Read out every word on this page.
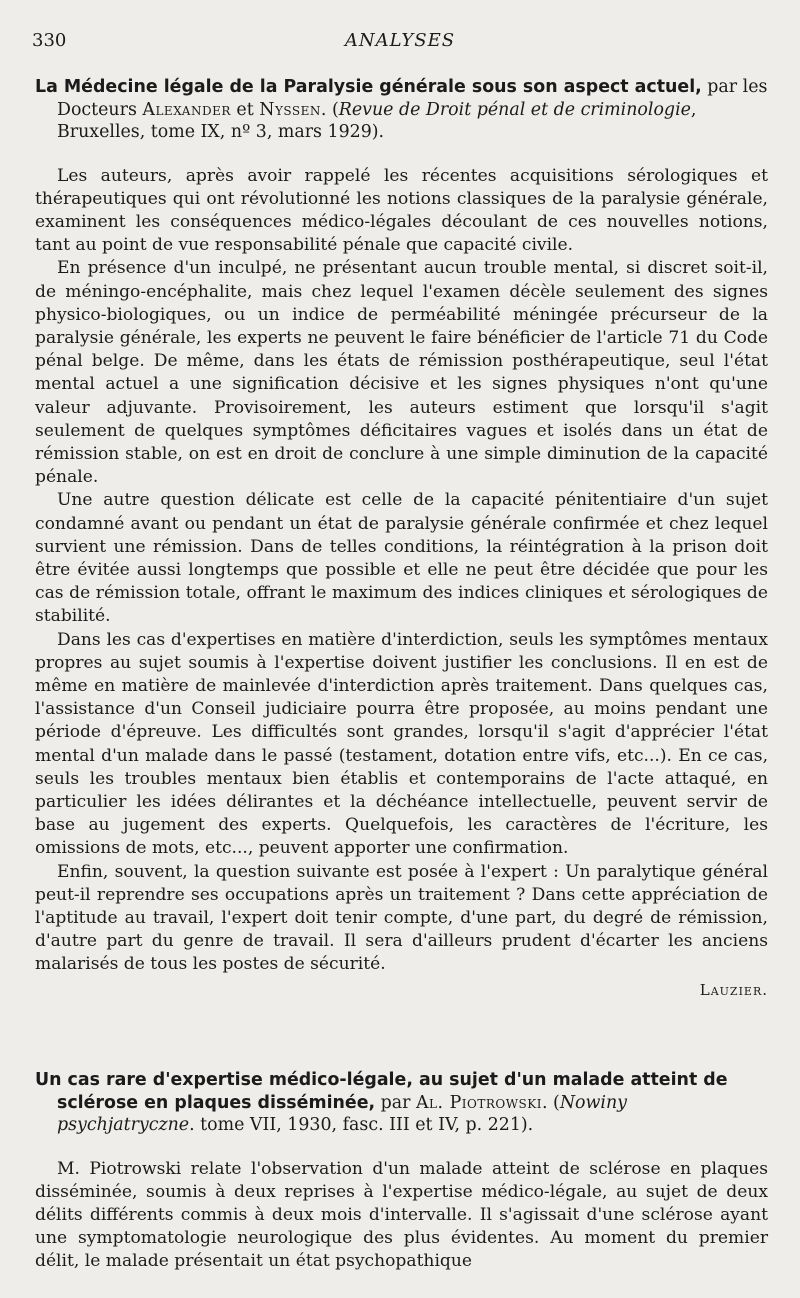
330	ANALYSES
La Médecine légale de la Paralysie générale sous son aspect actuel, par les Docteurs Alexander et Nyssen. (Revue de Droit pénal et de criminologie, Bruxelles, tome IX, nº 3, mars 1929).

Les auteurs, après avoir rappelé les récentes acquisitions sérologiques et thérapeutiques qui ont révolutionné les notions classiques de la paralysie générale, examinent les conséquences médico-légales découlant de ces nouvelles notions, tant au point de vue responsabilité pénale que capacité civile.

En présence d'un inculpé, ne présentant aucun trouble mental, si discret soit-il, de méningo-encéphalite, mais chez lequel l'examen décèle seulement des signes physico-biologiques, ou un indice de perméabilité méningée précurseur de la paralysie générale, les experts ne peuvent le faire bénéficier de l'article 71 du Code pénal belge. De même, dans les états de rémission posthérapeutique, seul l'état mental actuel a une signification décisive et les signes physiques n'ont qu'une valeur adjuvante. Provisoirement, les auteurs estiment que lorsqu'il s'agit seulement de quelques symptômes déficitaires vagues et isolés dans un état de rémission stable, on est en droit de conclure à une simple diminution de la capacité pénale.

Une autre question délicate est celle de la capacité pénitentiaire d'un sujet condamné avant ou pendant un état de paralysie générale confirmée et chez lequel survient une rémission. Dans de telles conditions, la réintégration à la prison doit être évitée aussi longtemps que possible et elle ne peut être décidée que pour les cas de rémission totale, offrant le maximum des indices cliniques et sérologiques de stabilité.

Dans les cas d'expertises en matière d'interdiction, seuls les symptômes mentaux propres au sujet soumis à l'expertise doivent justifier les conclusions. Il en est de même en matière de mainlevée d'interdiction après traitement. Dans quelques cas, l'assistance d'un Conseil judiciaire pourra être proposée, au moins pendant une période d'épreuve. Les difficultés sont grandes, lorsqu'il s'agit d'apprécier l'état mental d'un malade dans le passé (testament, dotation entre vifs, etc...). En ce cas, seuls les troubles mentaux bien établis et contemporains de l'acte attaqué, en particulier les idées délirantes et la déchéance intellectuelle, peuvent servir de base au jugement des experts. Quelquefois, les caractères de l'écriture, les omissions de mots, etc..., peuvent apporter une confirmation.

Enfin, souvent, la question suivante est posée à l'expert : Un paralytique général peut-il reprendre ses occupations après un traitement ? Dans cette appréciation de l'aptitude au travail, l'expert doit tenir compte, d'une part, du degré de rémission, d'autre part du genre de travail. Il sera d'ailleurs prudent d'écarter les anciens malarisés de tous les postes de sécurité.

Lauzier.
Un cas rare d'expertise médico-légale, au sujet d'un malade atteint de sclérose en plaques disséminée, par Al. Piotrowski. (Nowiny psychjatryczne. tome VII, 1930, fasc. III et IV, p. 221).

M. Piotrowski relate l'observation d'un malade atteint de sclérose en plaques disséminée, soumis à deux reprises à l'expertise médico-légale, au sujet de deux délits différents commis à deux mois d'intervalle. Il s'agissait d'une sclérose ayant une symptomatologie neurologique des plus évidentes. Au moment du premier délit, le malade présentait un état psychopathique
